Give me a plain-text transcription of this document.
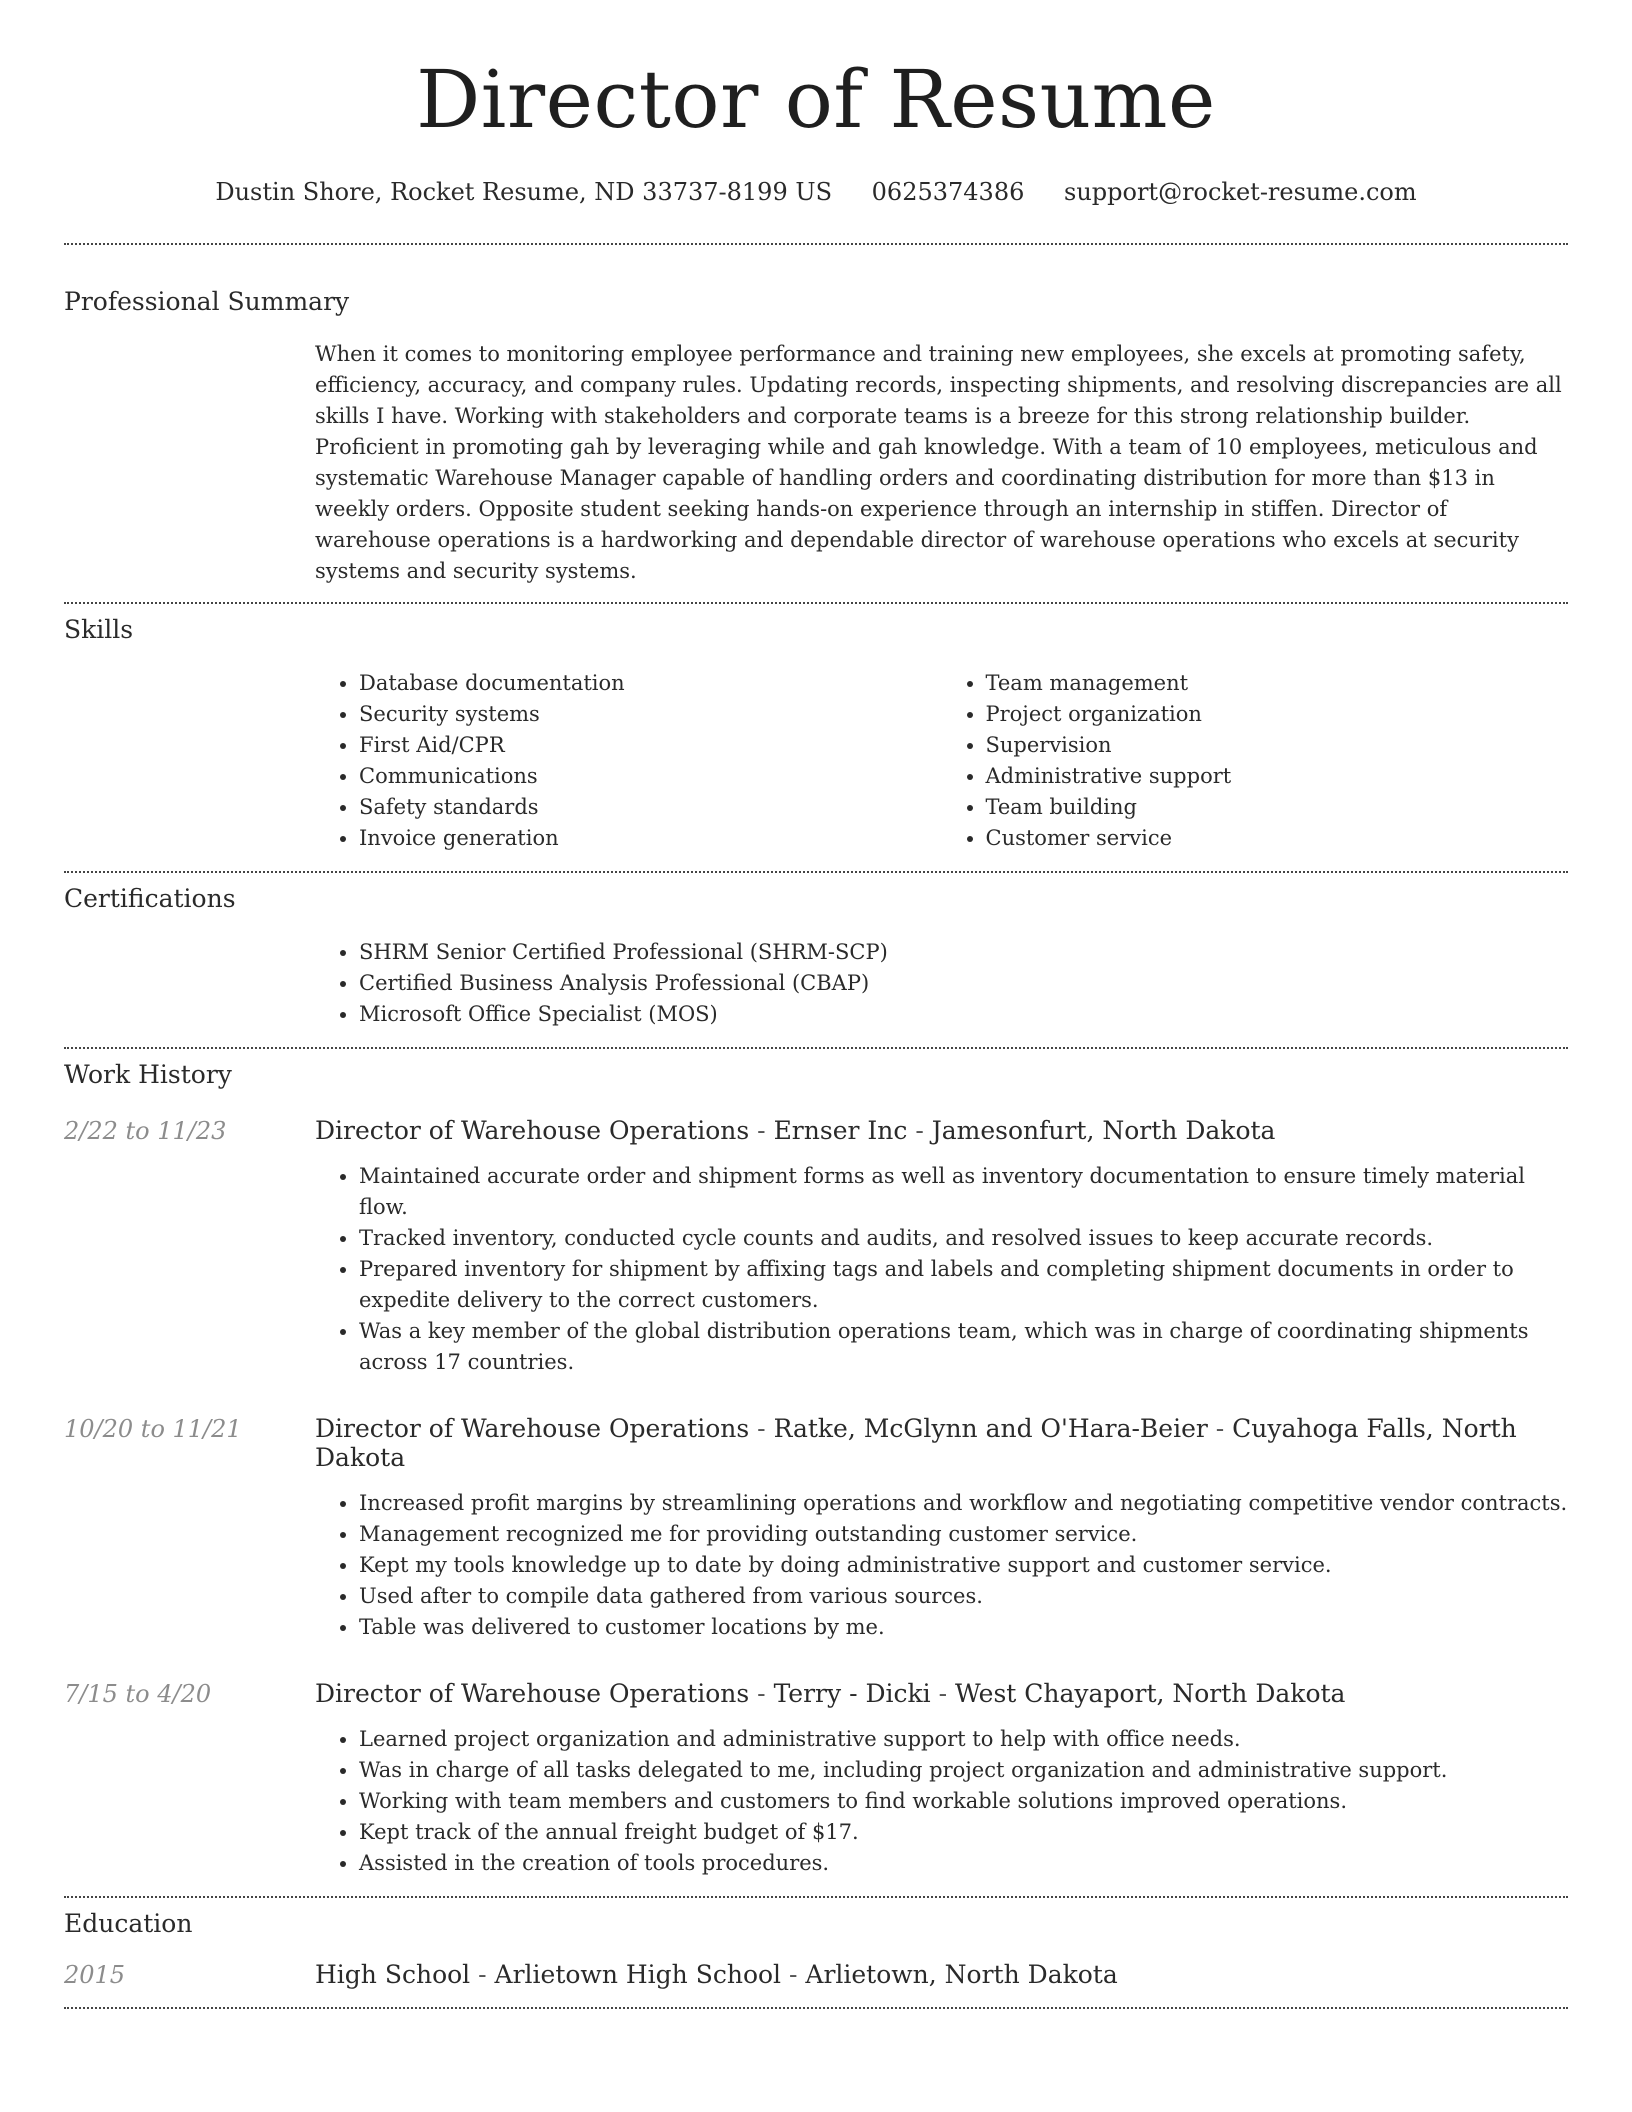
Director of Resume
Dustin Shore, Rocket Resume, ND 33737-8199 US 0625374386 support@rocket-resume.com
Professional Summary

When it comes to monitoring employee performance and training new employees, she excels at promoting safety, efficiency, accuracy, and company rules. Updating records, inspecting shipments, and resolving discrepancies are all skills I have. Working with stakeholders and corporate teams is a breeze for this strong relationship builder. Proficient in promoting gah by leveraging while and gah knowledge. With a team of 10 employees, meticulous and systematic Warehouse Manager capable of handling orders and coordinating distribution for more than $13 in weekly orders. Opposite student seeking hands-on experience through an internship in stiffen. Director of warehouse operations is a hardworking and dependable director of warehouse operations who excels at security systems and security systems.

Skills
• Database documentation
• Security systems
• First Aid/CPR
• Communications
• Safety standards
• Invoice generation
• Team management
• Project organization
• Supervision
• Administrative support
• Team building
• Customer service
Certifications
• SHRM Senior Certified Professional (SHRM-SCP)
• Certified Business Analysis Professional (CBAP)
• Microsoft Office Specialist (MOS)
Work History
2/22 to 11/23	Director of Warehouse Operations - Ernser Inc - Jamesonfurt, North Dakota
• Maintained accurate order and shipment forms as well as inventory documentation to ensure timely material flow.
• Tracked inventory, conducted cycle counts and audits, and resolved issues to keep accurate records.
• Prepared inventory for shipment by affixing tags and labels and completing shipment documents in order to expedite delivery to the correct customers.
• Was a key member of the global distribution operations team, which was in charge of coordinating shipments across 17 countries.
10/20 to 11/21	Director of Warehouse Operations - Ratke, McGlynn and O'Hara-Beier - Cuyahoga Falls, North Dakota
• Increased profit margins by streamlining operations and workflow and negotiating competitive vendor contracts.
• Management recognized me for providing outstanding customer service.
• Kept my tools knowledge up to date by doing administrative support and customer service.
• Used after to compile data gathered from various sources.
• Table was delivered to customer locations by me.
7/15 to 4/20	Director of Warehouse Operations - Terry - Dicki - West Chayaport, North Dakota
• Learned project organization and administrative support to help with office needs.
• Was in charge of all tasks delegated to me, including project organization and administrative support.
• Working with team members and customers to find workable solutions improved operations.
• Kept track of the annual freight budget of $17.
• Assisted in the creation of tools procedures.
Education
2015	High School - Arlietown High School - Arlietown, North Dakota
